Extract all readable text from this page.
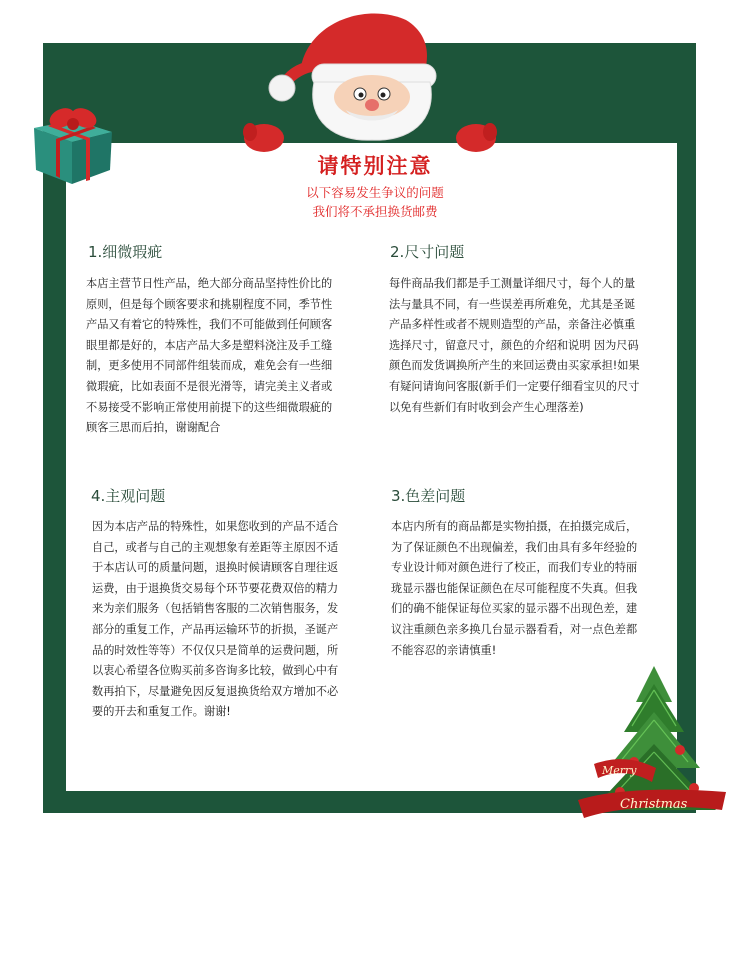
请特别注意
以下容易发生争议的问题
我们将不承担换货邮费
1.细微瑕疵
本店主营节日性产品，绝大部分商品坚持性价比的
原则，但是每个顾客要求和挑剔程度不同，季节性
产品又有着它的特殊性，我们不可能做到任何顾客
眼里都是好的，本店产品大多是塑料浇注及手工缝
制，更多使用不同部件组装而成，难免会有一些细
微瑕疵，比如表面不是很光滑等，请完美主义者或
不易接受不影响正常使用前提下的这些细微瑕疵的
顾客三思而后拍，谢谢配合
2.尺寸问题
每件商品我们都是手工测量详细尺寸，每个人的量
法与量具不同，有一些误差再所难免，尤其是圣诞
产品多样性或者不规则造型的产品，亲备注必慎重
选择尺寸，留意尺寸，颜色的介绍和说明 因为尺码
颜色而发货调换所产生的来回运费由买家承担!如果
有疑问请询问客服(新手们一定要仔细看宝贝的尺寸
以免有些新们有时收到会产生心理落差)
4.主观问题
因为本店产品的特殊性，如果您收到的产品不适合
自己，或者与自己的主观想象有差距等主原因不适
于本店认可的质量问题，退换时候请顾客自理往返
运费，由于退换货交易每个环节要花费双倍的精力
来为亲们服务（包括销售客服的二次销售服务，发
部分的重复工作，产品再运输环节的折损，圣诞产
品的时效性等等）不仅仅只是简单的运费问题，所
以衷心希望各位购买前多咨询多比较，做到心中有
数再拍下，尽量避免因反复退换货给双方增加不必
要的开去和重复工作。谢谢!
3.色差问题
本店内所有的商品都是实物拍摄，在拍摄完成后，
为了保证颜色不出现偏差，我们由具有多年经验的
专业设计师对颜色进行了校正，而我们专业的特丽
珑显示器也能保证颜色在尽可能程度不失真。但我
们的确不能保证每位买家的显示器不出现色差，建
议注重颜色亲多换几台显示器看看，对一点色差都
不能容忍的亲请慎重!
Merry
Christmas
